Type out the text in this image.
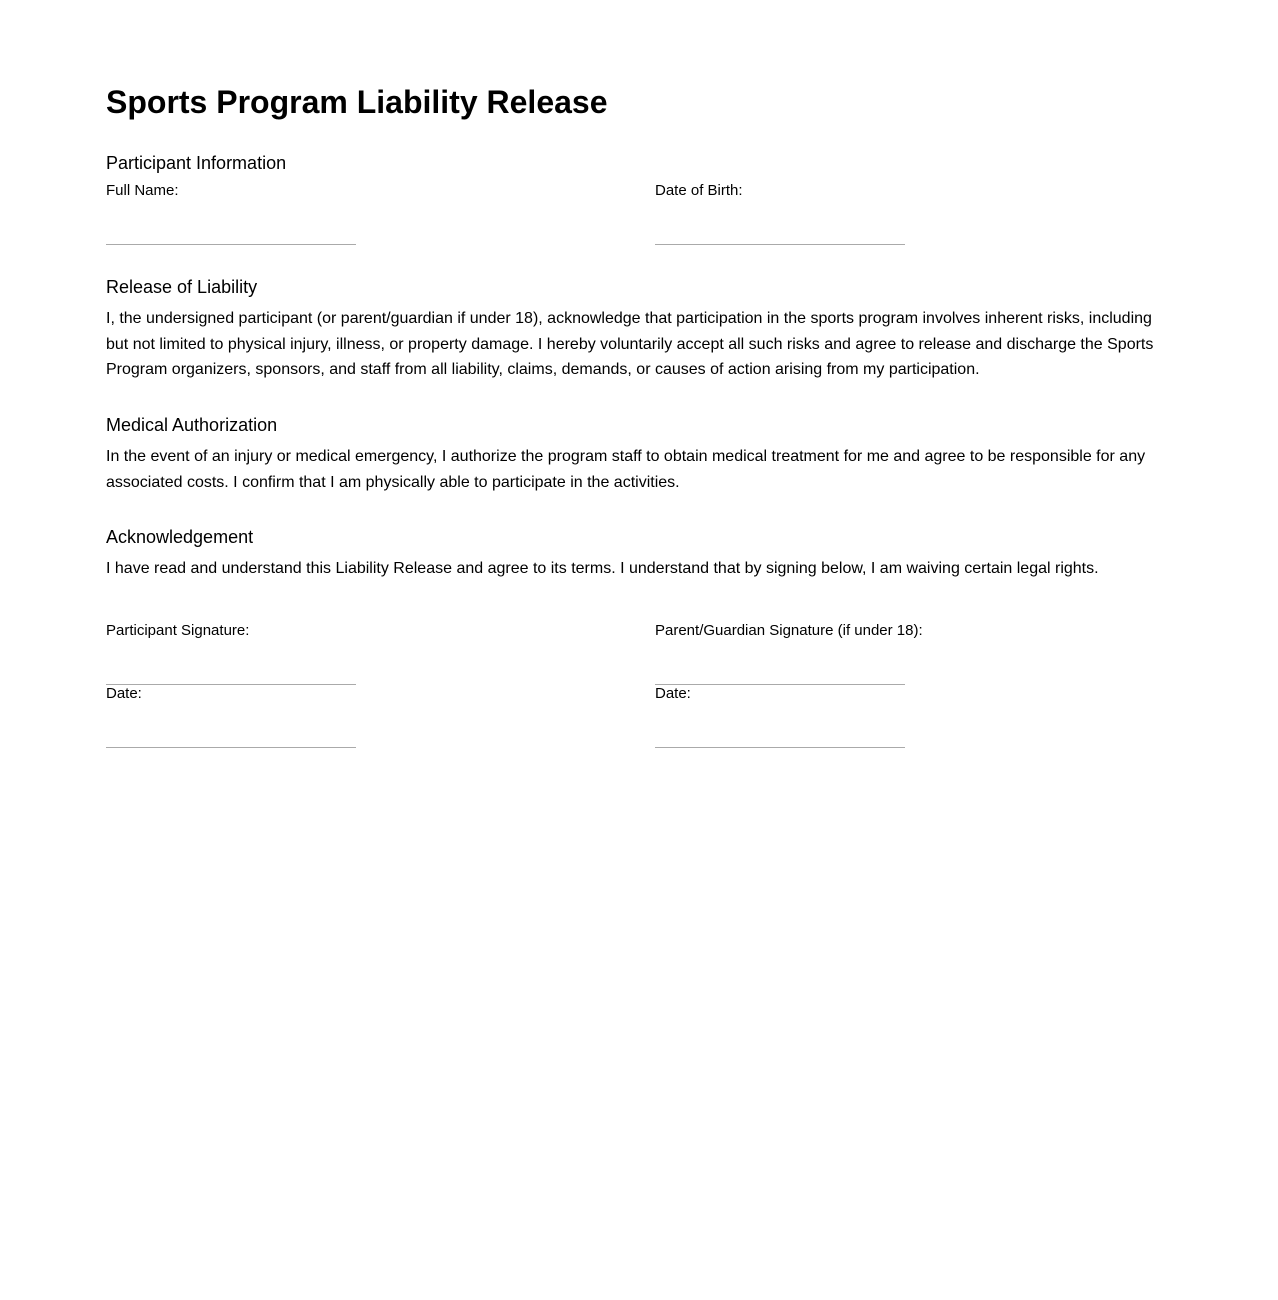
Sports Program Liability Release
Participant Information
Full Name:	Date of Birth:
Release of Liability

I, the undersigned participant (or parent/guardian if under 18), acknowledge that participation in the sports program involves inherent risks, including but not limited to physical injury, illness, or property damage. I hereby voluntarily accept all such risks and agree to release and discharge the Sports Program organizers, sponsors, and staff from all liability, claims, demands, or causes of action arising from my participation.

Medical Authorization

In the event of an injury or medical emergency, I authorize the program staff to obtain medical treatment for me and agree to be responsible for any associated costs. I confirm that I am physically able to participate in the activities.

Acknowledgement

I have read and understand this Liability Release and agree to its terms. I understand that by signing below, I am waiving certain legal rights.

Participant Signature:	Parent/Guardian Signature (if under 18):
Date:	Date:
